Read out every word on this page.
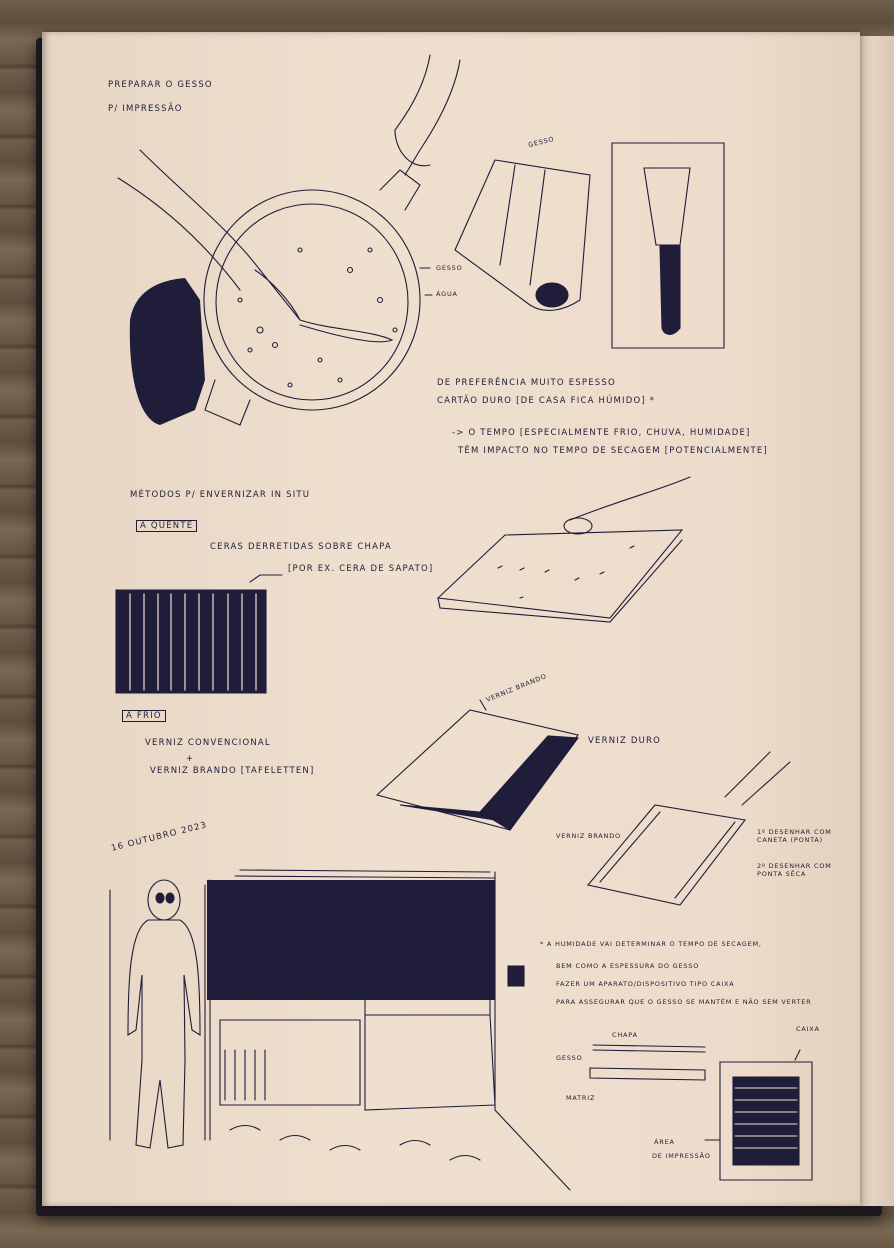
PREPARAR O GESSO

P/ IMPRESSÃO

GESSO

GESSO

ÁGUA

DE PREFERÊNCIA MUITO ESPESSO

CARTÃO DURO [DE CASA FICA HÚMIDO] *

-> O TEMPO [ESPECIALMENTE FRIO, CHUVA, HUMIDADE]

TÊM IMPACTO NO TEMPO DE SECAGEM [POTENCIALMENTE]

MÉTODOS P/ ENVERNIZAR IN SITU

A QUENTE

CERAS DERRETIDAS SOBRE CHAPA

[POR EX. CERA DE SAPATO]

A FRIO

VERNIZ CONVENCIONAL

+

VERNIZ BRANDO [TAFELETTEN]

VERNIZ BRANDO

VERNIZ DURO

16 OUTUBRO 2023	VERNIZ BRANDO	1º DESENHAR COM CANETA (PONTA)

2º DESENHAR COM PONTA SÊCA

* A HUMIDADE VAI DETERMINAR O TEMPO DE SECAGEM,

BEM COMO A ESPESSURA DO GESSO

FAZER UM APARATO/DISPOSITIVO TIPO CAIXA

PARA ASSEGURAR QUE O GESSO SE MANTÉM E NÃO SEM VERTER

CHAPA

CAIXA

GESSO

MATRIZ

ÁREA

DE IMPRESSÃO
